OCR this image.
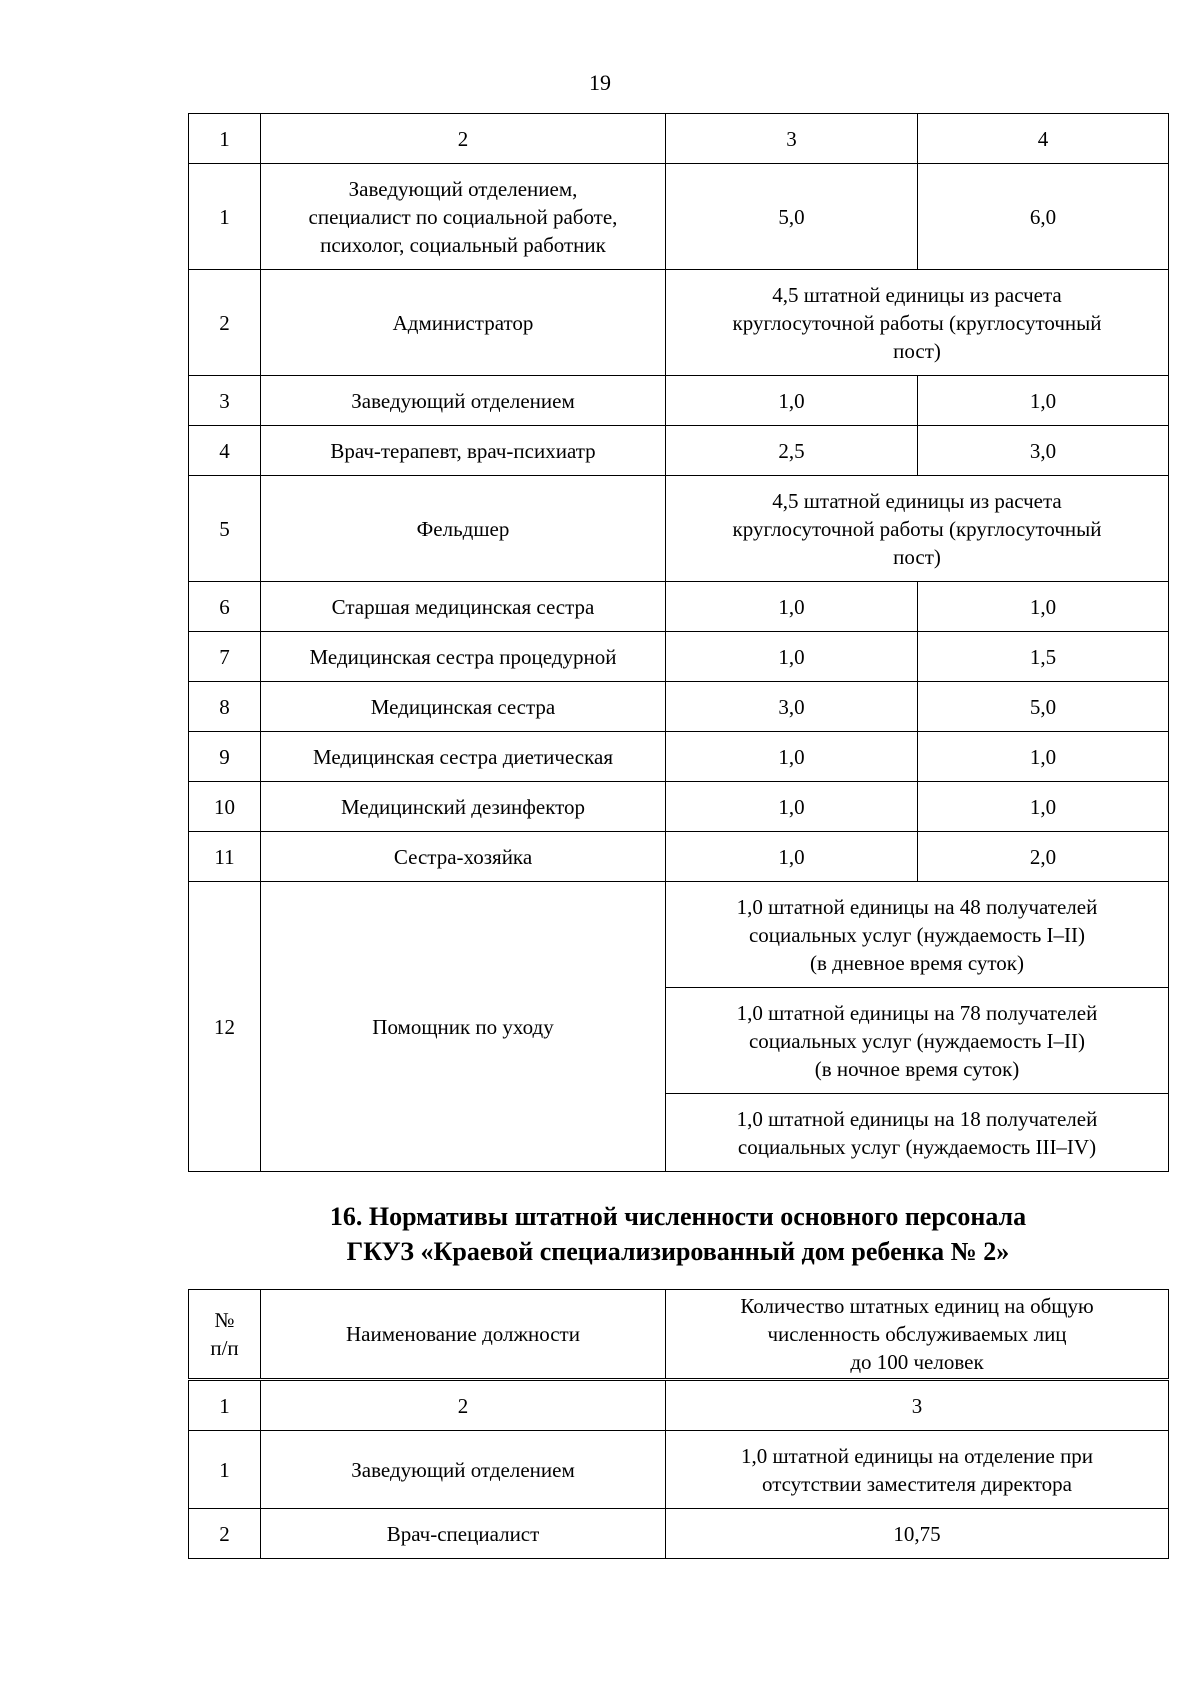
19
1	2	3	4
1	Заведующий отделением,
специалист по социальной работе,
психолог, социальный работник	5,0	6,0
2	Администратор	4,5 штатной единицы из расчета
круглосуточной работы (круглосуточный
пост)	
3	Заведующий отделением	1,0	1,0
4	Врач-терапевт, врач-психиатр	2,5	3,0
5	Фельдшер	4,5 штатной единицы из расчета
круглосуточной работы (круглосуточный
пост)	
6	Старшая медицинская сестра	1,0	1,0
7	Медицинская сестра процедурной	1,0	1,5
8	Медицинская сестра	3,0	5,0
9	Медицинская сестра диетическая	1,0	1,0
10	Медицинский дезинфектор	1,0	1,0
11	Сестра-хозяйка	1,0	2,0
12	Помощник по уходу	1,0 штатной единицы на 48 получателей
социальных услуг (нуждаемость I–II)
(в дневное время суток)	
		1,0 штатной единицы на 78 получателей
социальных услуг (нуждаемость I–II)
(в ночное время суток)	
		1,0 штатной единицы на 18 получателей
социальных услуг (нуждаемость III–IV)	
16. Нормативы штатной численности основного персонала
ГКУЗ «Краевой специализированный дом ребенка № 2»
№
п/п	Наименование должности	Количество штатных единиц на общую
численность обслуживаемых лиц
до 100 человек
1	2	3
1	Заведующий отделением	1,0 штатной единицы на отделение при
отсутствии заместителя директора
2	Врач-специалист	10,75
